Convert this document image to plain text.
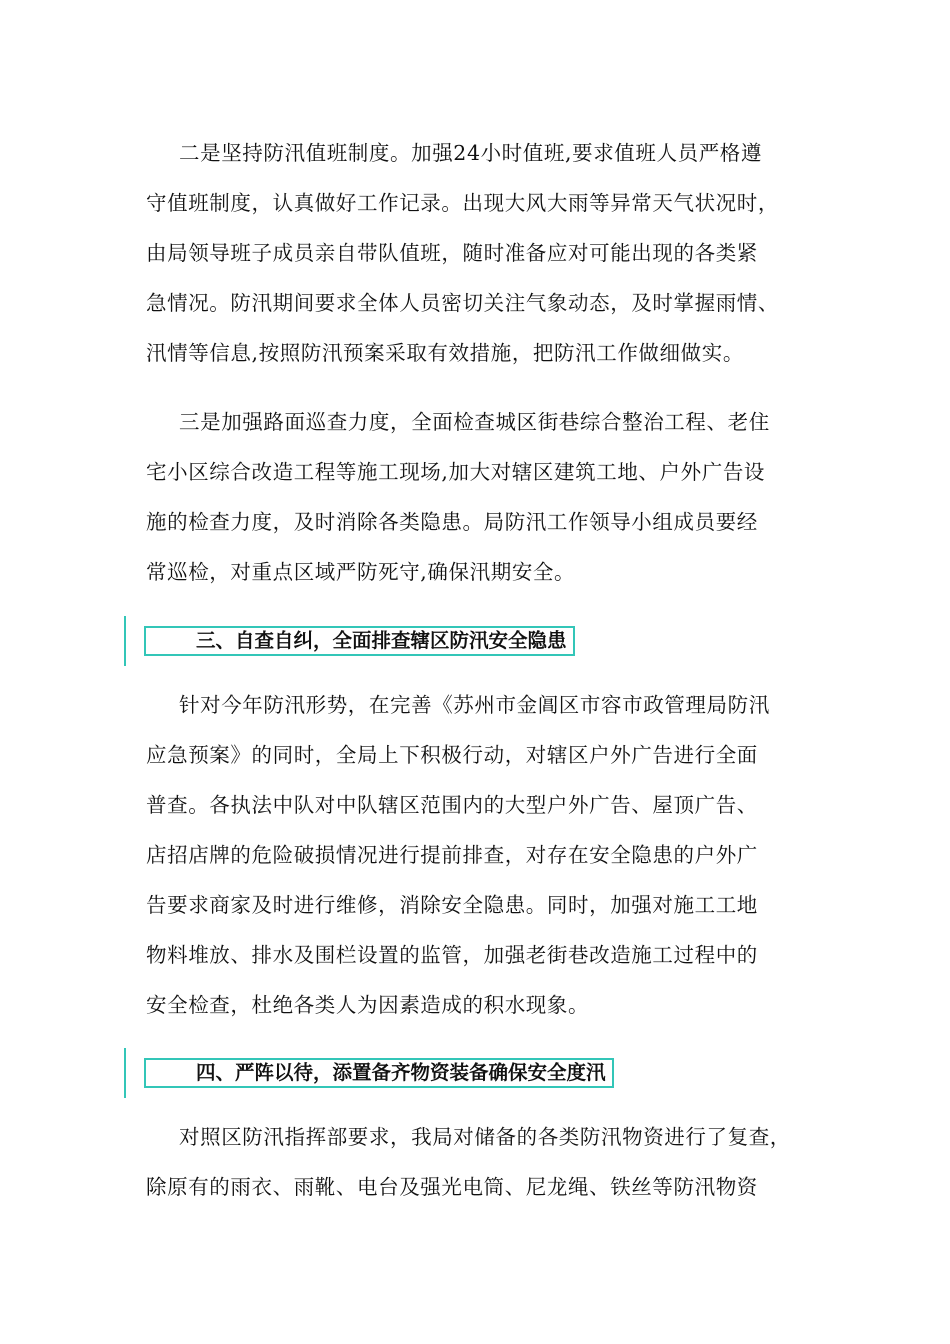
二是坚持防汛值班制度。加强24小时值班,要求值班人员严格遵
守值班制度，认真做好工作记录。出现大风大雨等异常天气状况时，
由局领导班子成员亲自带队值班，随时准备应对可能出现的各类紧
急情况。防汛期间要求全体人员密切关注气象动态，及时掌握雨情、
汛情等信息,按照防汛预案采取有效措施，把防汛工作做细做实。
三是加强路面巡查力度，全面检查城区街巷综合整治工程、老住
宅小区综合改造工程等施工现场,加大对辖区建筑工地、户外广告设
施的检查力度，及时消除各类隐患。局防汛工作领导小组成员要经
常巡检，对重点区域严防死守,确保汛期安全。
三、自查自纠，全面排查辖区防汛安全隐患
针对今年防汛形势，在完善《苏州市金阊区市容市政管理局防汛
应急预案》的同时，全局上下积极行动，对辖区户外广告进行全面
普查。各执法中队对中队辖区范围内的大型户外广告、屋顶广告、
店招店牌的危险破损情况进行提前排查，对存在安全隐患的户外广
告要求商家及时进行维修，消除安全隐患。同时，加强对施工工地
物料堆放、排水及围栏设置的监管，加强老街巷改造施工过程中的
安全检查，杜绝各类人为因素造成的积水现象。
四、严阵以待，添置备齐物资装备确保安全度汛
对照区防汛指挥部要求，我局对储备的各类防汛物资进行了复查，
除原有的雨衣、雨靴、电台及强光电筒、尼龙绳、铁丝等防汛物资
